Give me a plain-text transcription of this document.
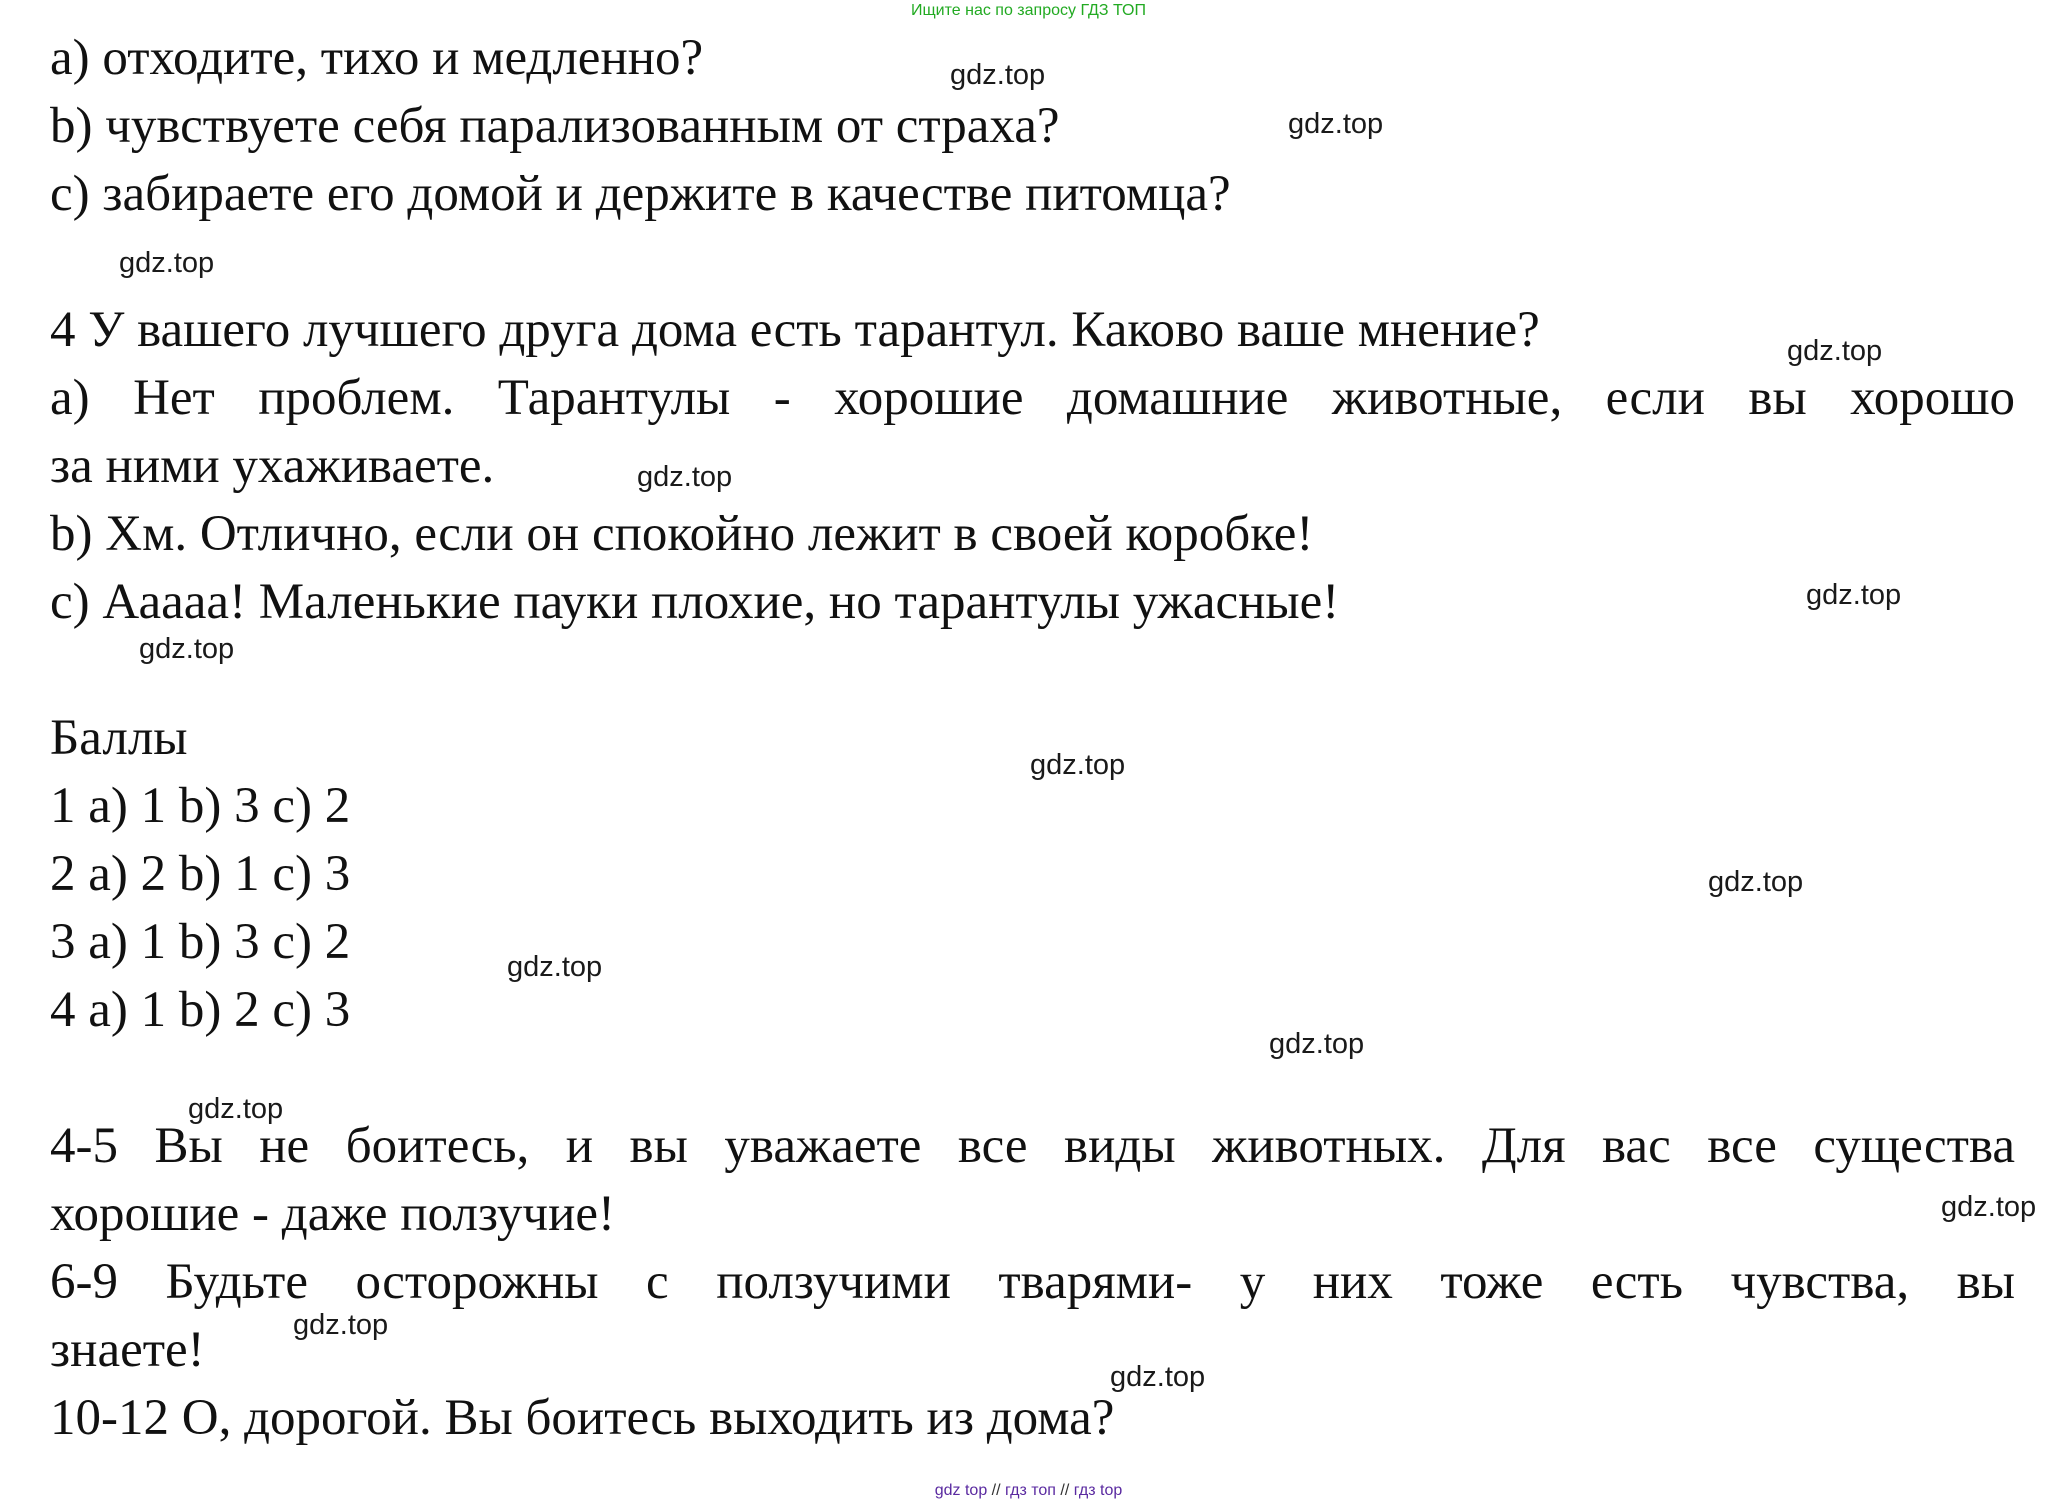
Ищите нас по запросу ГДЗ ТОП
a) отходите, тихо и медленно?
b) чувствуете себя парализованным от страха?
c) забираете его домой и держите в качестве питомца?
4 У вашего лучшего друга дома есть тарантул. Каково ваше мнение?
a) Нет проблем. Тарантулы - хорошие домашние животные, если вы хорошо
за ними ухаживаете.
b) Хм. Отлично, если он спокойно лежит в своей коробке!
c) Ааааа! Маленькие пауки плохие, но тарантулы ужасные!
Баллы
1 a) 1 b) 3 c) 2
2 a) 2 b) 1 c) 3
3 a) 1 b) 3 c) 2
4 a) 1 b) 2 c) 3
4-5 Вы не боитесь, и вы уважаете все виды животных. Для вас все существа
хорошие - даже ползучие!
6-9 Будьте осторожны с ползучими тварями- у них тоже есть чувства, вы
знаете!
10-12 О, дорогой. Вы боитесь выходить из дома?
gdz.top
gdz.top
gdz.top
gdz.top
gdz.top
gdz.top
gdz.top
gdz.top
gdz.top
gdz.top
gdz.top
gdz.top
gdz.top
gdz.top
gdz.top
gdz top // гдз топ // гдз top
